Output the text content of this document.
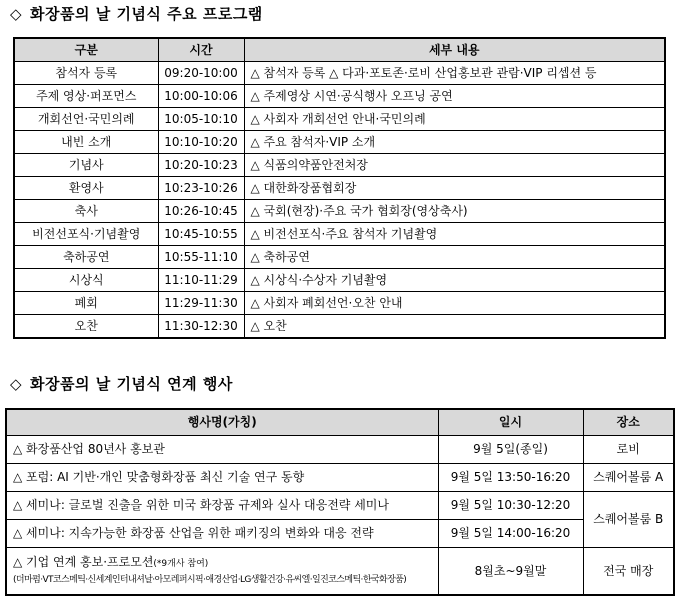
◇ 화장품의 날 기념식 주요 프로그램
구분	시간	세부 내용
참석자 등록	09:20-10:00	△ 참석자 등록 △ 다과·포토존·로비 산업홍보관 관람·VIP 리셉션 등
주제 영상·퍼포먼스	10:00-10:06	△ 주제영상 시연·공식행사 오프닝 공연
개회선언·국민의례	10:05-10:10	△ 사회자 개회선언 안내·국민의례
내빈 소개	10:10-10:20	△ 주요 참석자·VIP 소개
기념사	10:20-10:23	△ 식품의약품안전처장
환영사	10:23-10:26	△ 대한화장품협회장
축사	10:26-10:45	△ 국회(현장)·주요 국가 협회장(영상축사)
비전선포식·기념촬영	10:45-10:55	△ 비전선포식·주요 참석자 기념촬영
축하공연	10:55-11:10	△ 축하공연
시상식	11:10-11:29	△ 시상식·수상자 기념촬영
폐회	11:29-11:30	△ 사회자 폐회선언·오찬 안내
오찬	11:30-12:30	△ 오찬
◇ 화장품의 날 기념식 연계 행사
행사명(가칭)	일시	장소
△ 화장품산업 80년사 홍보관	9월 5일(종일)	로비
△ 포럼: AI 기반·개인 맞춤형화장품 최신 기술 연구 동향	9월 5일 13:50-16:20	스퀘어볼룸 A
△ 세미나: 글로벌 진출을 위한 미국 화장품 규제와 실사 대응전략 세미나	9월 5일 10:30-12:20	스퀘어볼룸 B
△ 세미나: 지속가능한 화장품 산업을 위한 패키징의 변화와 대응 전략	9월 5일 14:00-16:20	
△ 기업 연계 홍보·프로모션(*9개사 참여)
(더마펌·VT코스메틱·신세계인터내셔날·아모레퍼시픽·애경산업·LG생활건강·유씨엘·일진코스메틱·한국화장품)	8월초~9월말	전국 매장
